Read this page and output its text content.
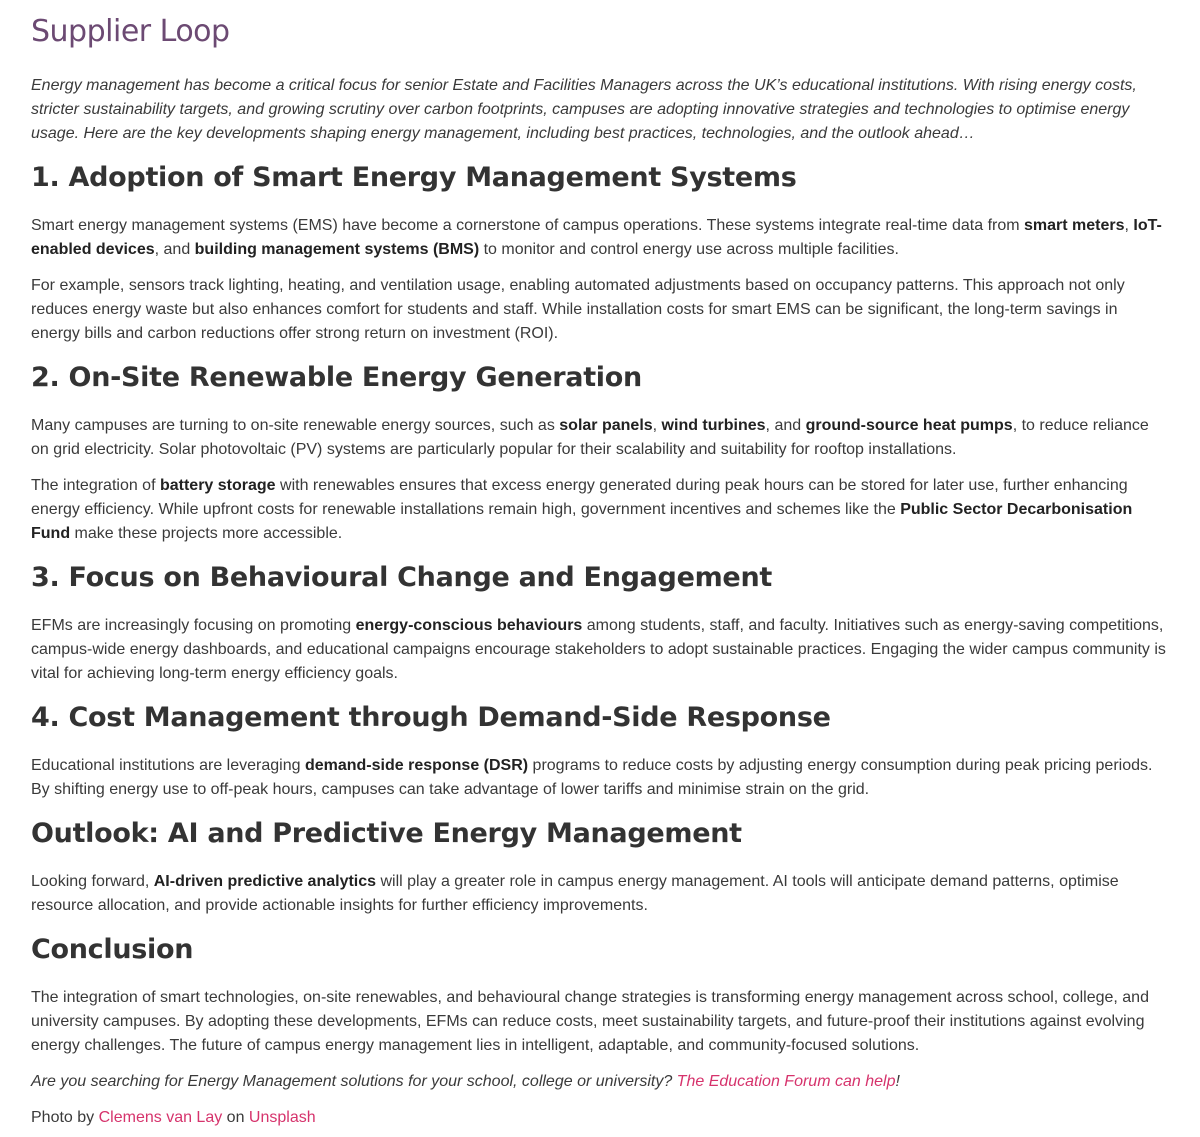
Supplier Loop

Energy management has become a critical focus for senior Estate and Facilities Managers across the UK’s educational institutions. With rising energy costs, stricter sustainability targets, and growing scrutiny over carbon footprints, campuses are adopting innovative strategies and technologies to optimise energy usage. Here are the key developments shaping energy management, including best practices, technologies, and the outlook ahead…

1. Adoption of Smart Energy Management Systems

Smart energy management systems (EMS) have become a cornerstone of campus operations. These systems integrate real-time data from smart meters, IoT-enabled devices, and building management systems (BMS) to monitor and control energy use across multiple facilities.

For example, sensors track lighting, heating, and ventilation usage, enabling automated adjustments based on occupancy patterns. This approach not only reduces energy waste but also enhances comfort for students and staff. While installation costs for smart EMS can be significant, the long-term savings in energy bills and carbon reductions offer strong return on investment (ROI).

2. On-Site Renewable Energy Generation

Many campuses are turning to on-site renewable energy sources, such as solar panels, wind turbines, and ground-source heat pumps, to reduce reliance on grid electricity. Solar photovoltaic (PV) systems are particularly popular for their scalability and suitability for rooftop installations.

The integration of battery storage with renewables ensures that excess energy generated during peak hours can be stored for later use, further enhancing energy efficiency. While upfront costs for renewable installations remain high, government incentives and schemes like the Public Sector Decarbonisation Fund make these projects more accessible.

3. Focus on Behavioural Change and Engagement

EFMs are increasingly focusing on promoting energy-conscious behaviours among students, staff, and faculty. Initiatives such as energy-saving competitions, campus-wide energy dashboards, and educational campaigns encourage stakeholders to adopt sustainable practices. Engaging the wider campus community is vital for achieving long-term energy efficiency goals.

4. Cost Management through Demand-Side Response

Educational institutions are leveraging demand-side response (DSR) programs to reduce costs by adjusting energy consumption during peak pricing periods. By shifting energy use to off-peak hours, campuses can take advantage of lower tariffs and minimise strain on the grid.

Outlook: AI and Predictive Energy Management

Looking forward, AI-driven predictive analytics will play a greater role in campus energy management. AI tools will anticipate demand patterns, optimise resource allocation, and provide actionable insights for further efficiency improvements.

Conclusion

The integration of smart technologies, on-site renewables, and behavioural change strategies is transforming energy management across school, college, and university campuses. By adopting these developments, EFMs can reduce costs, meet sustainability targets, and future-proof their institutions against evolving energy challenges. The future of campus energy management lies in intelligent, adaptable, and community-focused solutions.

Are you searching for Energy Management solutions for your school, college or university? The Education Forum can help!

Photo by Clemens van Lay on Unsplash
